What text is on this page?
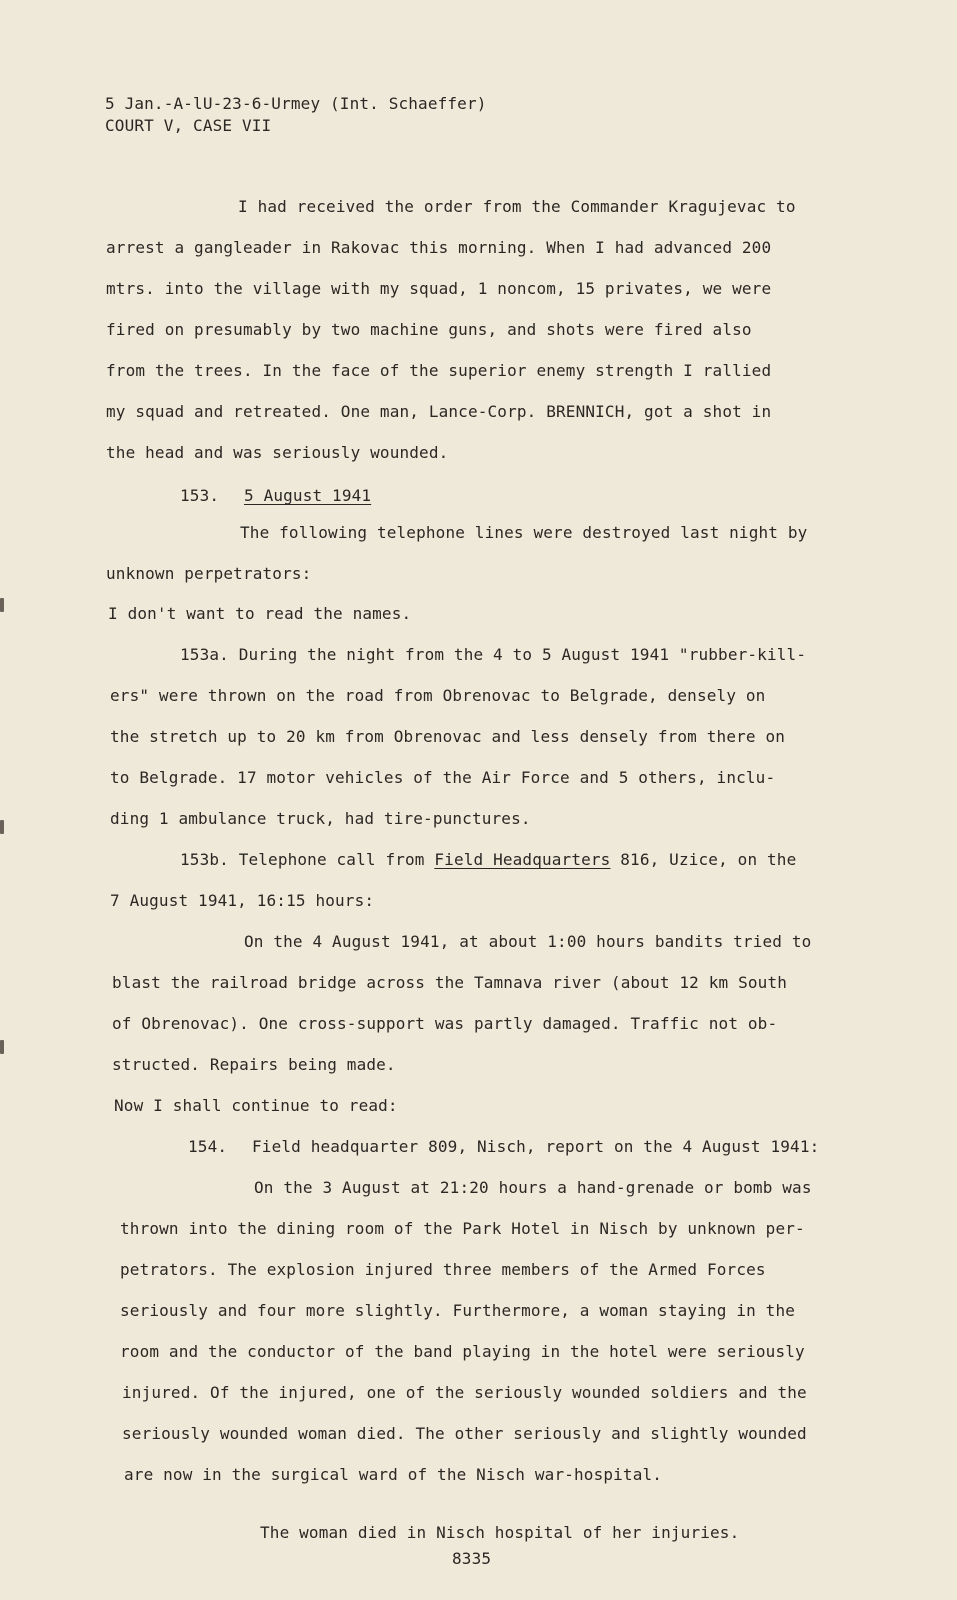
5 Jan.-A-lU-23-6-Urmey (Int. Schaeffer)
COURT V, CASE VII
I had received the order from the Commander Kragujevac to
arrest a gangleader in Rakovac this morning. When I had advanced 200
mtrs. into the village with my squad, 1 noncom, 15 privates, we were
fired on presumably by two machine guns, and shots were fired also
from the trees. In the face of the superior enemy strength I rallied
my squad and retreated. One man, Lance-Corp. BRENNICH, got a shot in
the head and was seriously wounded.
153. 5 August 1941
The following telephone lines were destroyed last night by
unknown perpetrators:
I don't want to read the names.
153a. During the night from the 4 to 5 August 1941 "rubber-kill-
ers" were thrown on the road from Obrenovac to Belgrade, densely on
the stretch up to 20 km from Obrenovac and less densely from there on
to Belgrade. 17 motor vehicles of the Air Force and 5 others, inclu-
ding 1 ambulance truck, had tire-punctures.
153b. Telephone call from Field Headquarters 816, Uzice, on the
7 August 1941, 16:15 hours:
On the 4 August 1941, at about 1:00 hours bandits tried to
blast the railroad bridge across the Tamnava river (about 12 km South
of Obrenovac). One cross-support was partly damaged. Traffic not ob-
structed. Repairs being made.
Now I shall continue to read:
154. Field headquarter 809, Nisch, report on the 4 August 1941:
On the 3 August at 21:20 hours a hand-grenade or bomb was
thrown into the dining room of the Park Hotel in Nisch by unknown per-
petrators. The explosion injured three members of the Armed Forces
seriously and four more slightly. Furthermore, a woman staying in the
room and the conductor of the band playing in the hotel were seriously
injured. Of the injured, one of the seriously wounded soldiers and the
seriously wounded woman died. The other seriously and slightly wounded
are now in the surgical ward of the Nisch war-hospital.
The woman died in Nisch hospital of her injuries.
8335
